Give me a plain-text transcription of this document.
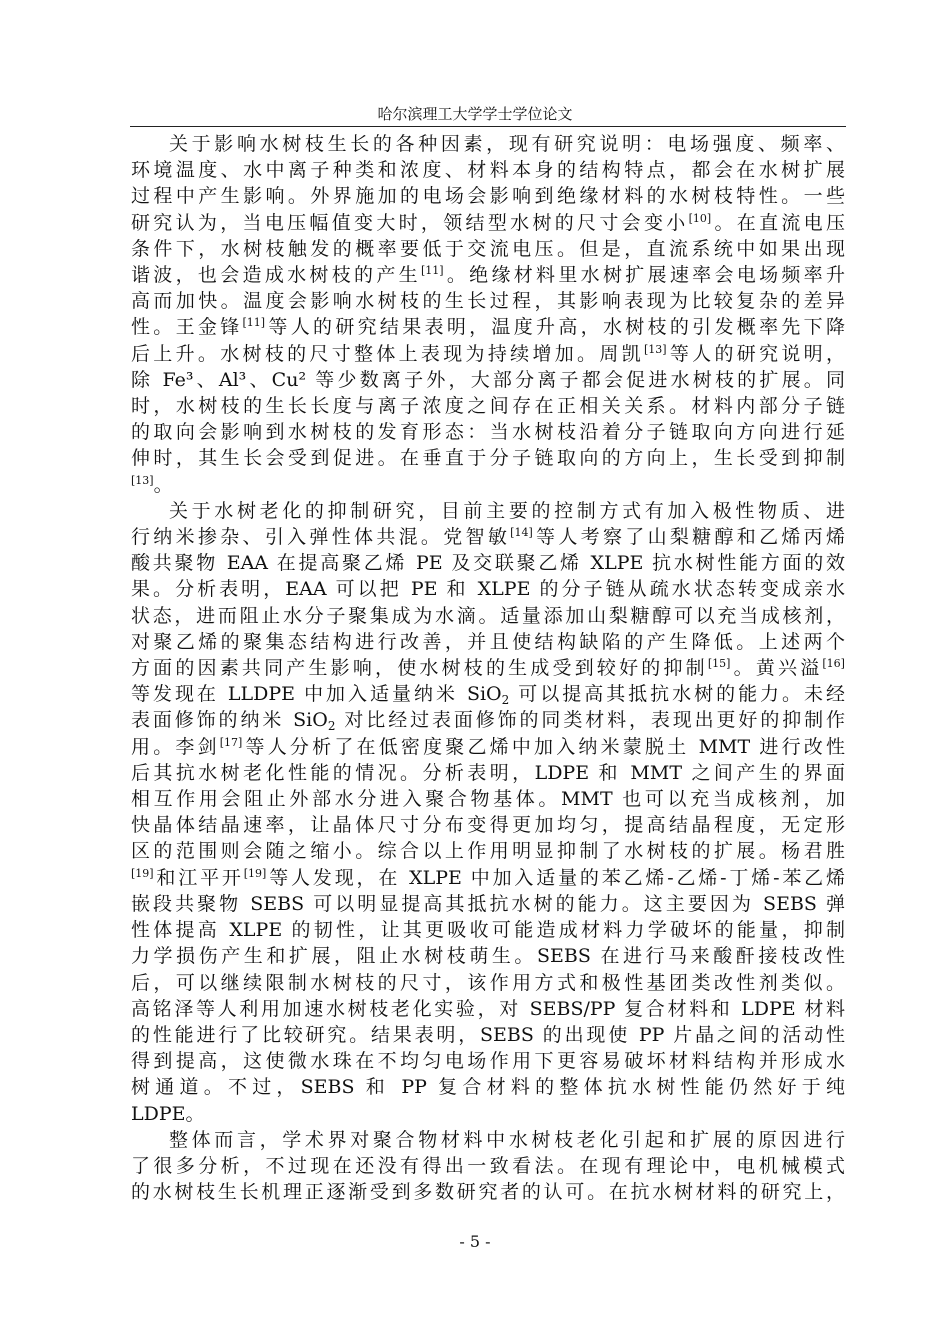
哈尔滨理工大学学士学位论文
关于影响水树枝生长的各种因素，现有研究说明：电场强度、频率、
环境温度、水中离子种类和浓度、材料本身的结构特点，都会在水树扩展
过程中产生影响。外界施加的电场会影响到绝缘材料的水树枝特性。一些
研究认为，当电压幅值变大时，领结型水树的尺寸会变小[10]。在直流电压
条件下，水树枝触发的概率要低于交流电压。但是，直流系统中如果出现
谐波，也会造成水树枝的产生[11]。绝缘材料里水树扩展速率会电场频率升
高而加快。温度会影响水树枝的生长过程，其影响表现为比较复杂的差异
性。王金锋[11]等人的研究结果表明，温度升高，水树枝的引发概率先下降
后上升。水树枝的尺寸整体上表现为持续增加。周凯[13]等人的研究说明，
除 Fe³、Al³、Cu² 等少数离子外，大部分离子都会促进水树枝的扩展。同
时，水树枝的生长长度与离子浓度之间存在正相关关系。材料内部分子链
的取向会影响到水树枝的发育形态：当水树枝沿着分子链取向方向进行延
伸时，其生长会受到促进。在垂直于分子链取向的方向上，生长受到抑制
[13]。
关于水树老化的抑制研究，目前主要的控制方式有加入极性物质、进
行纳米掺杂、引入弹性体共混。党智敏[14]等人考察了山梨糖醇和乙烯丙烯
酸共聚物 EAA 在提高聚乙烯 PE 及交联聚乙烯 XLPE 抗水树性能方面的效
果。分析表明，EAA 可以把 PE 和 XLPE 的分子链从疏水状态转变成亲水
状态，进而阻止水分子聚集成为水滴。适量添加山梨糖醇可以充当成核剂，
对聚乙烯的聚集态结构进行改善，并且使结构缺陷的产生降低。上述两个
方面的因素共同产生影响，使水树枝的生成受到较好的抑制[15]。黄兴溢[16]
等发现在 LLDPE 中加入适量纳米 SiO$_2$ 可以提高其抵抗水树的能力。未经
表面修饰的纳米 SiO$_2$ 对比经过表面修饰的同类材料，表现出更好的抑制作
用。李剑[17]等人分析了在低密度聚乙烯中加入纳米蒙脱土 MMT 进行改性
后其抗水树老化性能的情况。分析表明，LDPE 和 MMT 之间产生的界面
相互作用会阻止外部水分进入聚合物基体。MMT 也可以充当成核剂，加
快晶体结晶速率，让晶体尺寸分布变得更加均匀，提高结晶程度，无定形
区的范围则会随之缩小。综合以上作用明显抑制了水树枝的扩展。杨君胜
[19]和江平开[19]等人发现，在 XLPE 中加入适量的苯乙烯-乙烯-丁烯-苯乙烯
嵌段共聚物 SEBS 可以明显提高其抵抗水树的能力。这主要因为 SEBS 弹
性体提高 XLPE 的韧性，让其更吸收可能造成材料力学破坏的能量，抑制
力学损伤产生和扩展，阻止水树枝萌生。SEBS 在进行马来酸酐接枝改性
后，可以继续限制水树枝的尺寸，该作用方式和极性基团类改性剂类似。
高铭泽等人利用加速水树枝老化实验，对 SEBS/PP 复合材料和 LDPE 材料
的性能进行了比较研究。结果表明，SEBS 的出现使 PP 片晶之间的活动性
得到提高，这使微水珠在不均匀电场作用下更容易破坏材料结构并形成水
树通道。不过，SEBS 和 PP 复合材料的整体抗水树性能仍然好于纯
LDPE。
整体而言，学术界对聚合物材料中水树枝老化引起和扩展的原因进行
了很多分析，不过现在还没有得出一致看法。在现有理论中，电机械模式
的水树枝生长机理正逐渐受到多数研究者的认可。在抗水树材料的研究上，
- 5 -
